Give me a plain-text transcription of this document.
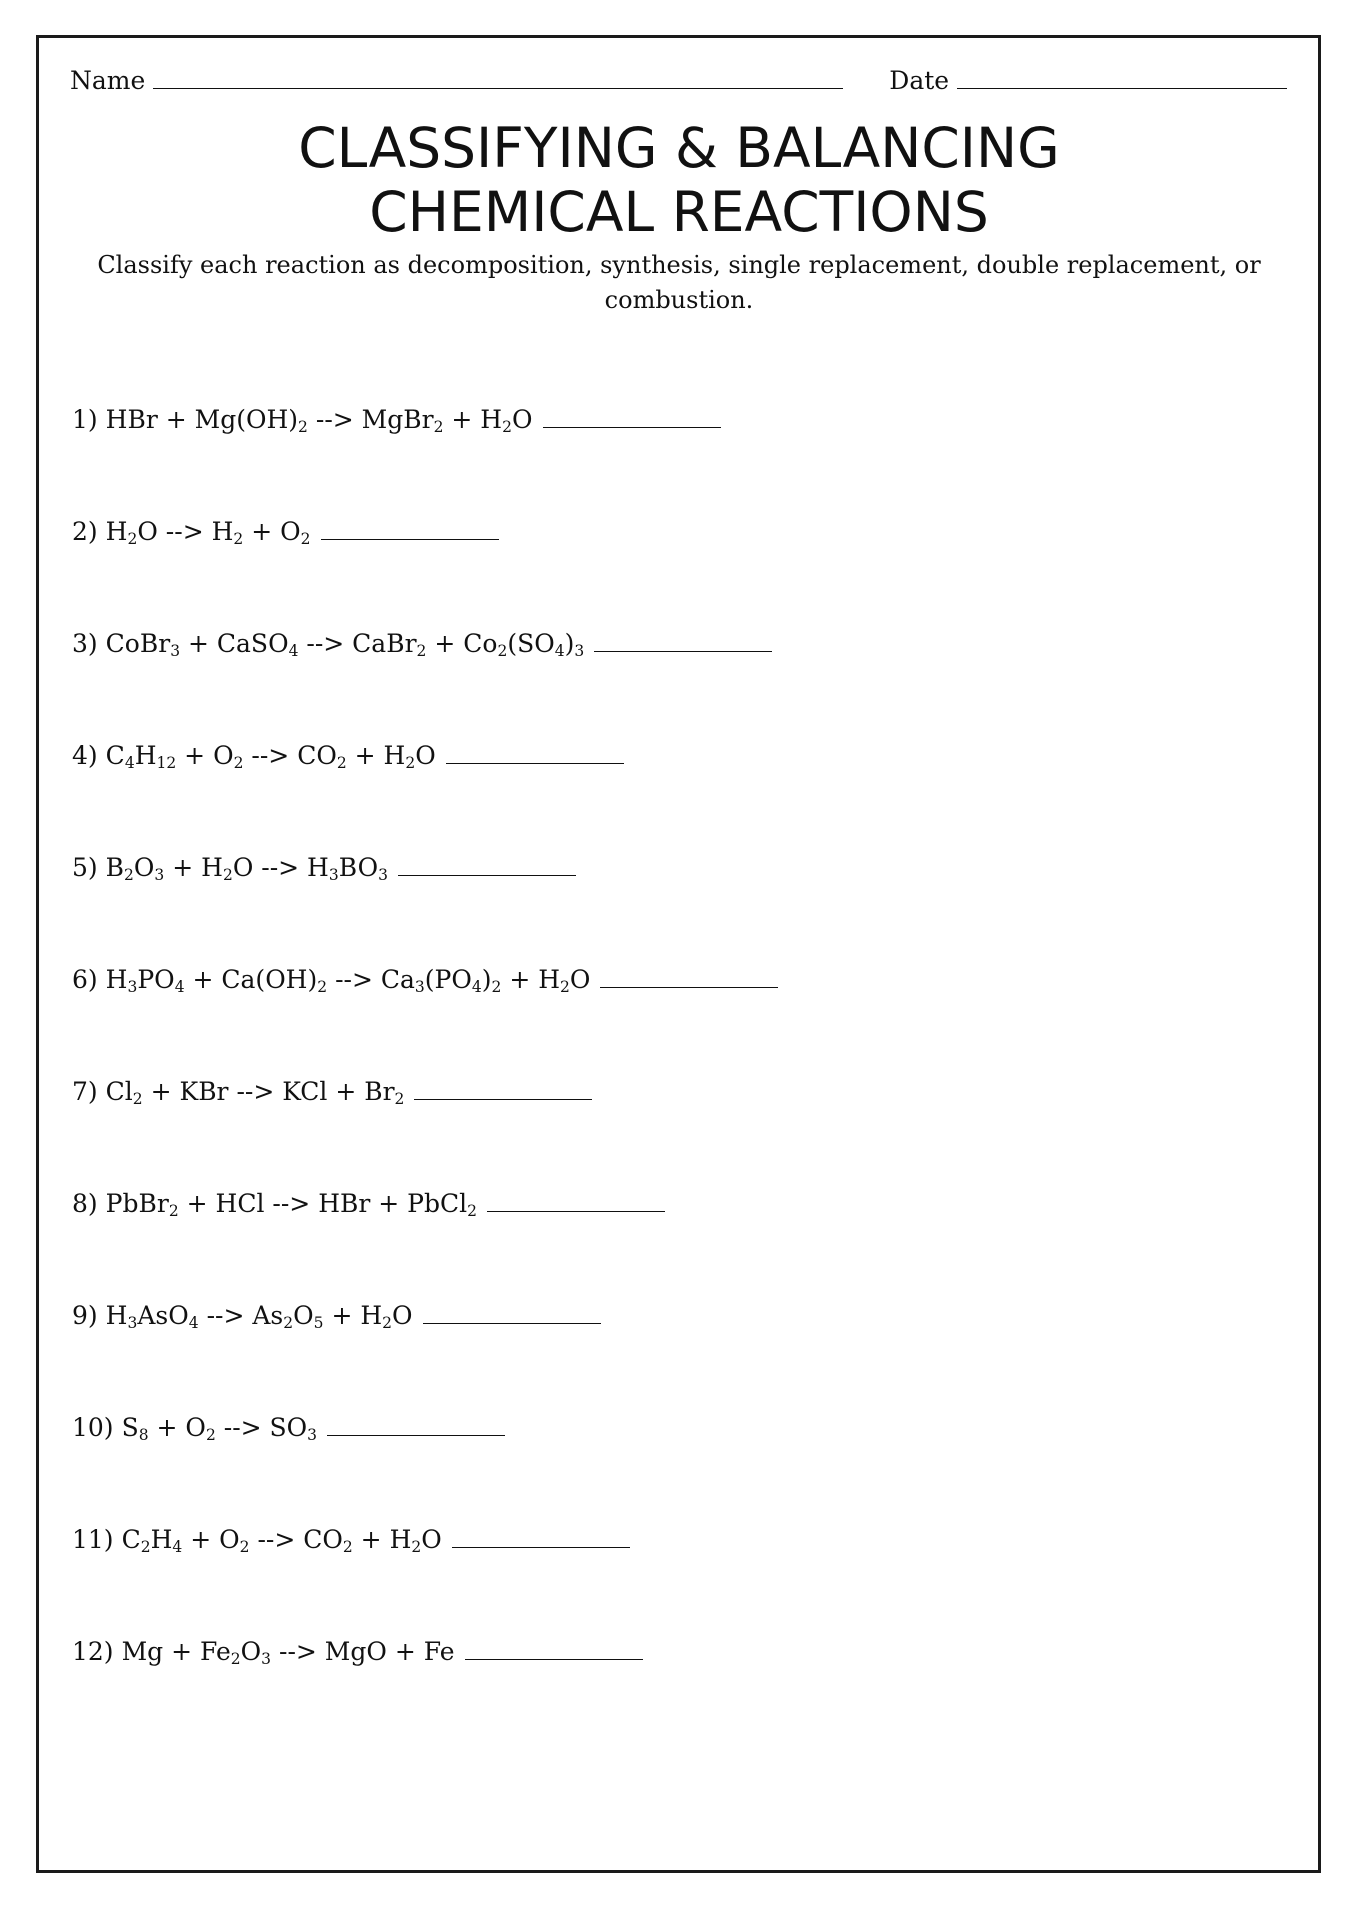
Name	Date
CLASSIFYING & BALANCING
CHEMICAL REACTIONS
Classify each reaction as decomposition, synthesis, single replacement, double replacement, or combustion.
1) HBr + $Mg(OH)_2$ --> MgBr$_2$ + $H_2O$
2) $H_2O$ --> $H_2 + O_2$
3) CoBr$_3$ + CaSO$_4$ --> CaBr$_2$ + $Co_2(SO_4)_3$
4) $C_4H_{12} + O_2$ --> $CO_2 + H_2O$
5) $B_2O_3 + H_2O$ --> $H_3BO_3$
6) $H_3PO_4 + Ca(OH)_2$ --> $Ca_3(PO_4)_2 + H_2O$
7) $Cl_2$ + KBr --> KCl + $Br_2$
8) PbBr$_2$ + HCl --> HBr + PbCl$_2$
9) $H_3AsO_4$ --> $As_2O_5 + H_2O$
10) $S_8 + O_2$ --> $SO_3$
11) $C_2H_4 + O_2$ --> $CO_2 + H_2O$
12) $Mg + Fe_2O_3$ --> MgO + Fe
